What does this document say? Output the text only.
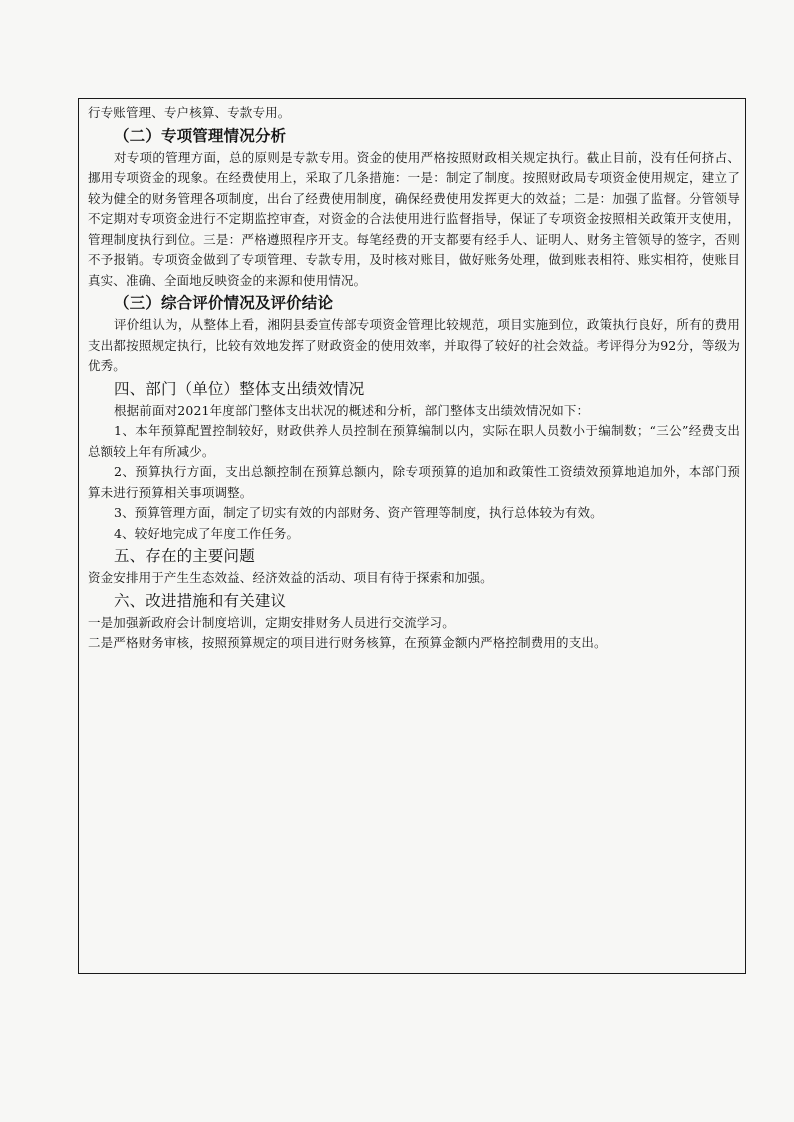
行专账管理、专户核算、专款专用。

（二）专项管理情况分析

对专项的管理方面，总的原则是专款专用。资金的使用严格按照财政相关规定执行。截止目前，没有任何挤占、挪用专项资金的现象。在经费使用上，采取了几条措施：一是：制定了制度。按照财政局专项资金使用规定，建立了较为健全的财务管理各项制度，出台了经费使用制度，确保经费使用发挥更大的效益；二是：加强了监督。分管领导不定期对专项资金进行不定期监控审查，对资金的合法使用进行监督指导，保证了专项资金按照相关政策开支使用，管理制度执行到位。三是：严格遵照程序开支。每笔经费的开支都要有经手人、证明人、财务主管领导的签字，否则不予报销。专项资金做到了专项管理、专款专用，及时核对账目，做好账务处理，做到账表相符、账实相符，使账目真实、准确、全面地反映资金的来源和使用情况。

（三）综合评价情况及评价结论

评价组认为，从整体上看，湘阴县委宣传部专项资金管理比较规范，项目实施到位，政策执行良好，所有的费用支出都按照规定执行，比较有效地发挥了财政资金的使用效率，并取得了较好的社会效益。考评得分为92分，等级为优秀。

四、部门（单位）整体支出绩效情况

根据前面对2021年度部门整体支出状况的概述和分析，部门整体支出绩效情况如下：

1、本年预算配置控制较好，财政供养人员控制在预算编制以内，实际在职人员数小于编制数；“三公”经费支出总额较上年有所减少。

2、预算执行方面，支出总额控制在预算总额内，除专项预算的追加和政策性工资绩效预算地追加外，本部门预算未进行预算相关事项调整。

3、预算管理方面，制定了切实有效的内部财务、资产管理等制度，执行总体较为有效。

4、较好地完成了年度工作任务。

五、存在的主要问题

资金安排用于产生生态效益、经济效益的活动、项目有待于探索和加强。

六、改进措施和有关建议

一是加强新政府会计制度培训，定期安排财务人员进行交流学习。

二是严格财务审核，按照预算规定的项目进行财务核算，在预算金额内严格控制费用的支出。
